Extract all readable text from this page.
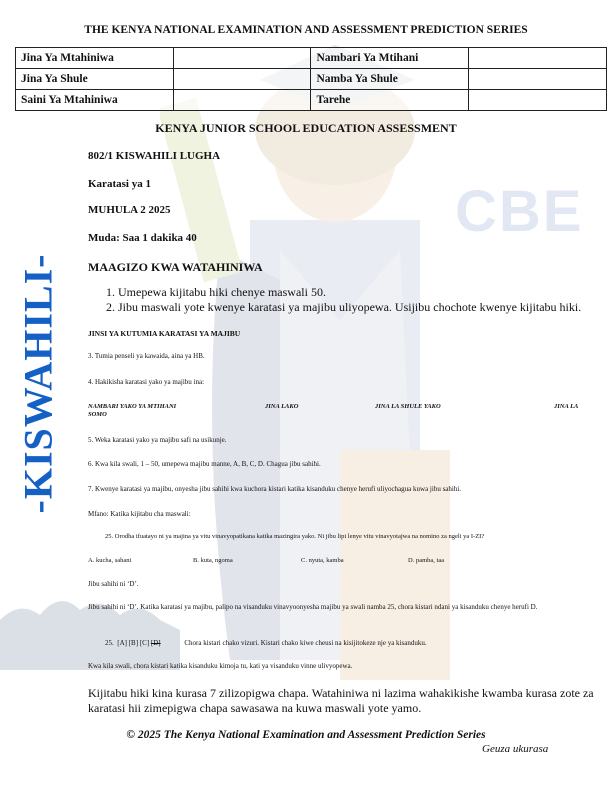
CBE
-KISWAHILI-
THE KENYA NATIONAL EXAMINATION AND ASSESSMENT PREDICTION SERIES
Jina Ya Mtahiniwa		Nambari Ya Mtihani	
Jina Ya Shule		Namba Ya Shule	
Saini Ya Mtahiniwa		Tarehe	
KENYA JUNIOR SCHOOL EDUCATION ASSESSMENT
802/1 KISWAHILI LUGHA
Karatasi ya 1
MUHULA 2 2025
Muda: Saa 1 dakika 40
MAAGIZO KWA WATAHINIWA
1. Umepewa kijitabu hiki chenye maswali 50.
2. Jibu maswali yote kwenye karatasi ya majibu uliyopewa. Usijibu chochote kwenye kijitabu hiki.
JINSI YA KUTUMIA KARATASI YA MAJIBU
3. Tumia penseli ya kawaida, aina ya HB.
4. Hakikisha karatasi yako ya majibu ina:
NAMBARI YAKO YA MTIHANI	JINA LAKO	JINA LA SHULE YAKO	JINA LA
SOMO
5. Weka karatasi yako ya majibu safi na usikunje.
6. Kwa kila swali, 1 – 50, umepewa majibu manne, A, B, C, D. Chagua jibu sahihi.
7. Kwenye karatasi ya majibu, onyesha jibu sahihi kwa kuchora kistari katika kisanduku chenye herufi uliyochagua kuwa jibu sahihi.
Mfano: Katika kijitabu cha maswali:
25. Orodha ifuatayo ni ya majina ya vitu vinavyopatikana katika mazingira yako. Ni jibu lipi lenye vitu vinavyotajwa na nomino za ngeli ya I-ZI?
A. kucha, sahani	B. kuta, ngoma	C. nyuta, kamba	D. pamba, taa
Jibu sahihi ni ‘D’.
Jibu sahihi ni ‘D’. Katika karatasi ya majibu, palipo na visanduku vinavyoonyesha majibu ya swali namba 25, chora kistari ndani ya kisanduku chenye herufi D.
25. [A] [B] [C] [D]	Chora kistari chako vizuri. Kistari chako kiwe cheusi na kisijitokeze nje ya kisanduku.
Kwa kila swali, chora kistari katika kisanduku kimoja tu, kati ya visanduku vinne ulivyopewa.
Kijitabu hiki kina kurasa 7 zilizopigwa chapa. Watahiniwa ni lazima wahakikishe kwamba kurasa zote za karatasi hii zimepigwa chapa sawasawa na kuwa maswali yote yamo.
© 2025 The Kenya National Examination and Assessment Prediction Series
Geuza ukurasa
